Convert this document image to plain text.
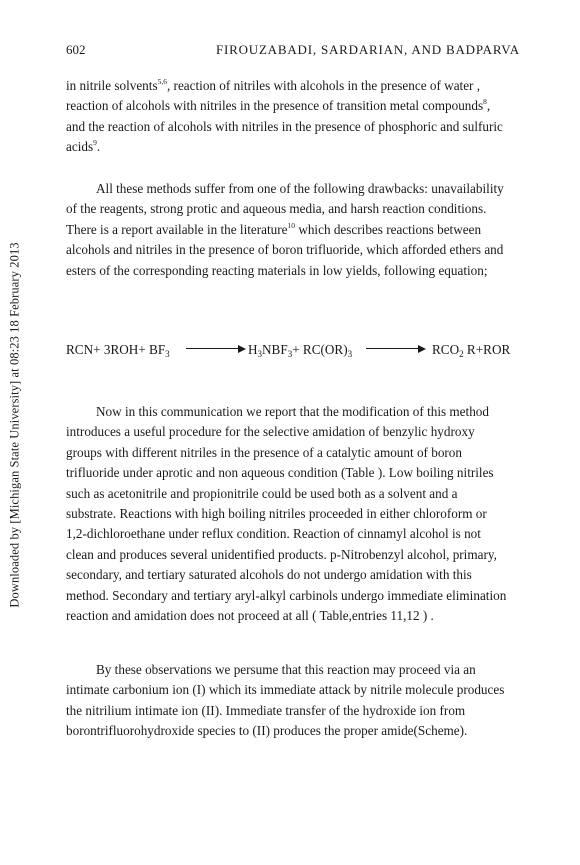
Downloaded by [Michigan State University] at 08:23 18 February 2013
602	FIROUZABADI, SARDARIAN, AND BADPARVA

in nitrile solvents$^{5,6}$, reaction of nitriles with alcohols in the presence of water ,
reaction of alcohols with nitriles in the presence of transition metal compounds$^8$,
and the reaction of alcohols with nitriles in the presence of phosphoric and sulfuric
acids$^9$.

All these methods suffer from one of the following drawbacks: unavailability
of the reagents, strong protic and aqueous media, and harsh reaction conditions.
There is a report available in the literature$^{10}$ which describes reactions between
alcohols and nitriles in the presence of boron trifluoride, which afforded ethers and
esters of the corresponding reacting materials in low yields, following equation;

$RCN+ 3ROH+ BF_3$	$H_3NBF_3+ RC(OR)_3$	$RCO_2$ R+ROR

Now in this communication we report that the modification of this method
introduces a useful procedure for the selective amidation of benzylic hydroxy
groups with different nitriles in the presence of a catalytic amount of boron
trifluoride under aprotic and non aqueous condition (Table ). Low boiling nitriles
such as acetonitrile and propionitrile could be used both as a solvent and a
substrate. Reactions with high boiling nitriles proceeded in either chloroform or
1,2-dichloroethane under reflux condition. Reaction of cinnamyl alcohol is not
clean and produces several unidentified products. p-Nitrobenzyl alcohol, primary,
secondary, and tertiary saturated alcohols do not undergo amidation with this
method. Secondary and tertiary aryl-alkyl carbinols undergo immediate elimination
reaction and amidation does not proceed at all ( Table,entries 11,12 ) .

By these observations we persume that this reaction may proceed via an
intimate carbonium ion (I) which its immediate attack by nitrile molecule produces
the nitrilium intimate ion (II). Immediate transfer of the hydroxide ion from
borontrifluorohydroxide species to (II) produces the proper amide(Scheme).
